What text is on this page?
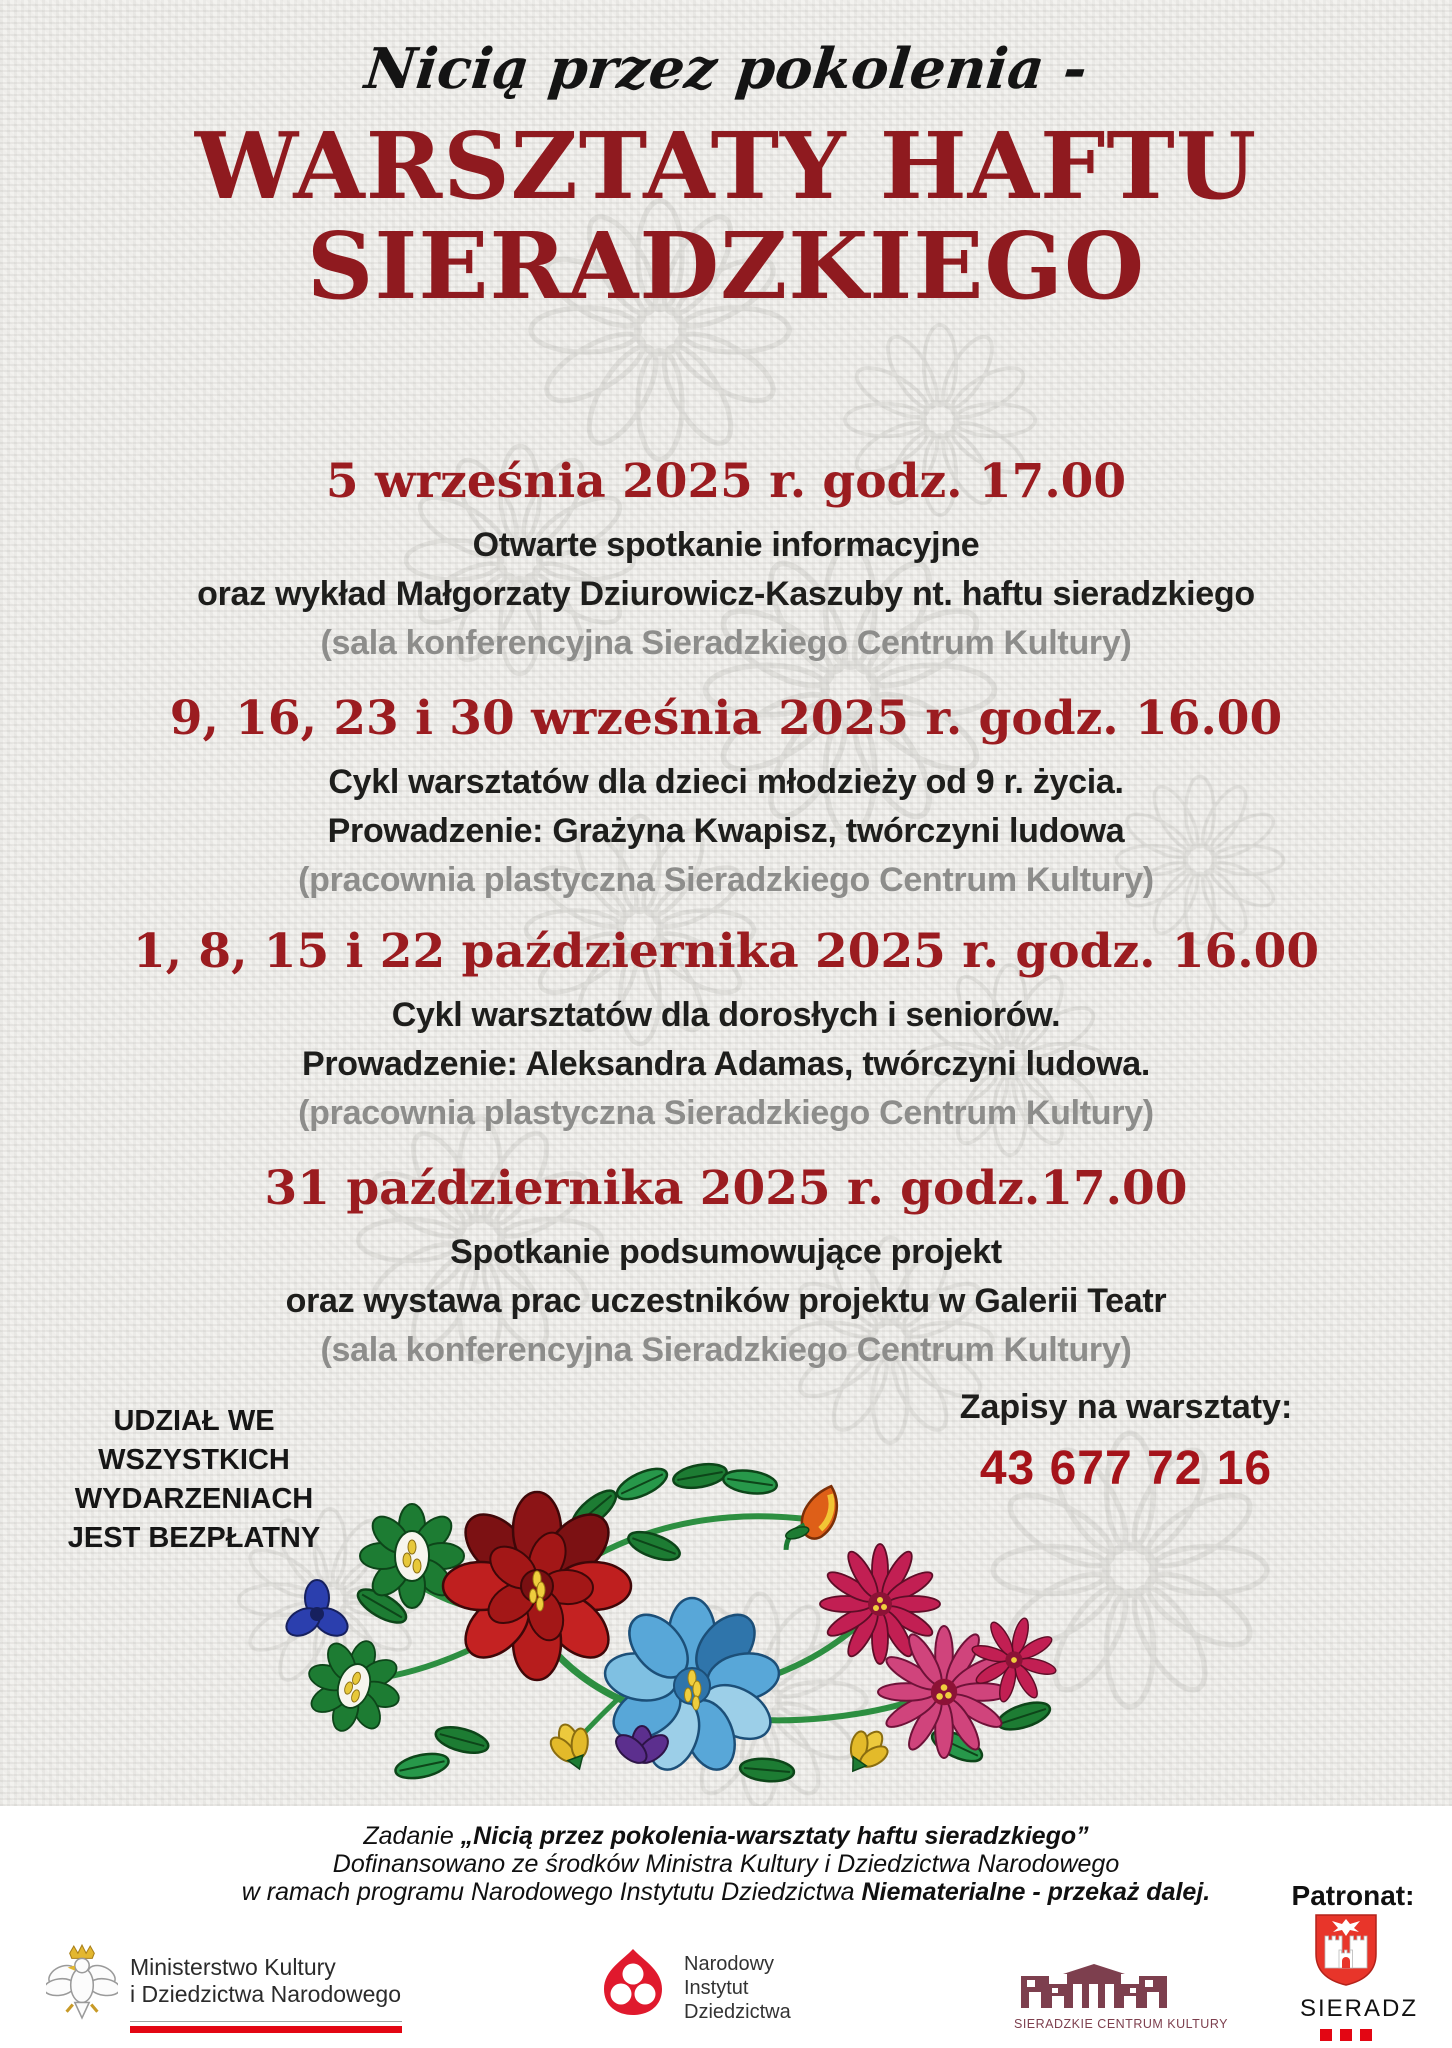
Nicią przez pokolenia -
WARSZTATY HAFTU
SIERADZKIEGO
5 września 2025 r. godz. 17.00
Otwarte spotkanie informacyjne
oraz wykład Małgorzaty Dziurowicz-Kaszuby nt. haftu sieradzkiego
(sala konferencyjna Sieradzkiego Centrum Kultury)
9, 16, 23 i 30 września 2025 r. godz. 16.00
Cykl warsztatów dla dzieci młodzieży od 9 r. życia.
Prowadzenie: Grażyna Kwapisz, twórczyni ludowa
(pracownia plastyczna Sieradzkiego Centrum Kultury)
1, 8, 15 i 22 października 2025 r. godz. 16.00
Cykl warsztatów dla dorosłych i seniorów.
Prowadzenie: Aleksandra Adamas, twórczyni ludowa.
(pracownia plastyczna Sieradzkiego Centrum Kultury)
31 października 2025 r. godz.17.00
Spotkanie podsumowujące projekt
oraz wystawa prac uczestników projektu w Galerii Teatr
(sala konferencyjna Sieradzkiego Centrum Kultury)
UDZIAŁ WE WSZYSTKICH
WYDARZENIACH
JEST BEZPŁATNY
Zapisy na warsztaty:
43 677 72 16
Zadanie „Nicią przez pokolenia-warsztaty haftu sieradzkiego”
Dofinansowano ze środków Ministra Kultury i Dziedzictwa Narodowego
w ramach programu Narodowego Instytutu Dziedzictwa Niematerialne - przekaż dalej.	Patronat:
Ministerstwo Kultury
i Dziedzictwa Narodowego
Narodowy
Instytut
Dziedzictwa
SIERADZKIE CENTRUM KULTURY
SIERADZ
